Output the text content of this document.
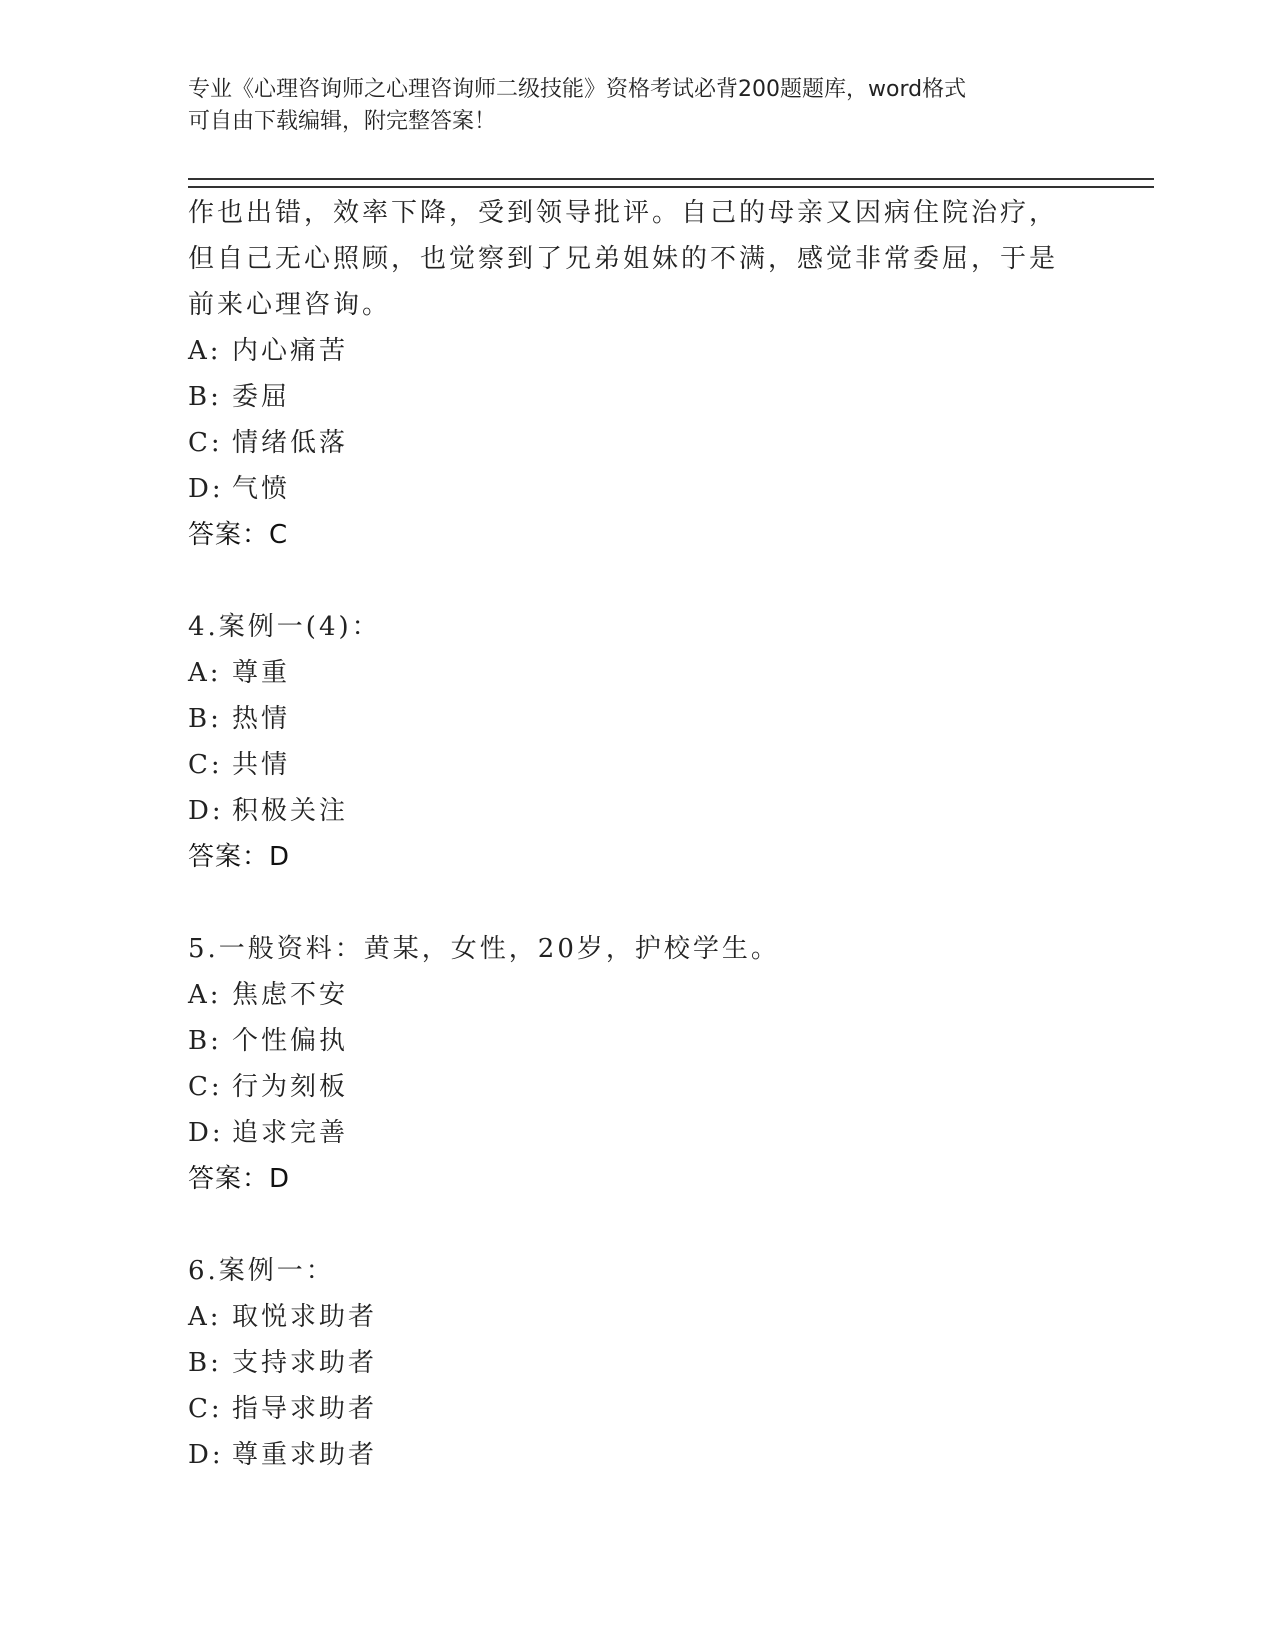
专业《心理咨询师之心理咨询师二级技能》资格考试必背200题题库，word格式
可自由下载编辑，附完整答案！
作也出错，效率下降，受到领导批评。自己的母亲又因病住院治疗，
但自己无心照顾，也觉察到了兄弟姐妹的不满，感觉非常委屈，于是
前来心理咨询。
A: 内心痛苦
B: 委屈
C: 情绪低落
D: 气愤
答案：C
4.案例一(4)：
A: 尊重
B: 热情
C: 共情
D: 积极关注
答案：D
5.一般资料：黄某，女性，20岁，护校学生。
A: 焦虑不安
B: 个性偏执
C: 行为刻板
D: 追求完善
答案：D
6.案例一：
A: 取悦求助者
B: 支持求助者
C: 指导求助者
D: 尊重求助者
